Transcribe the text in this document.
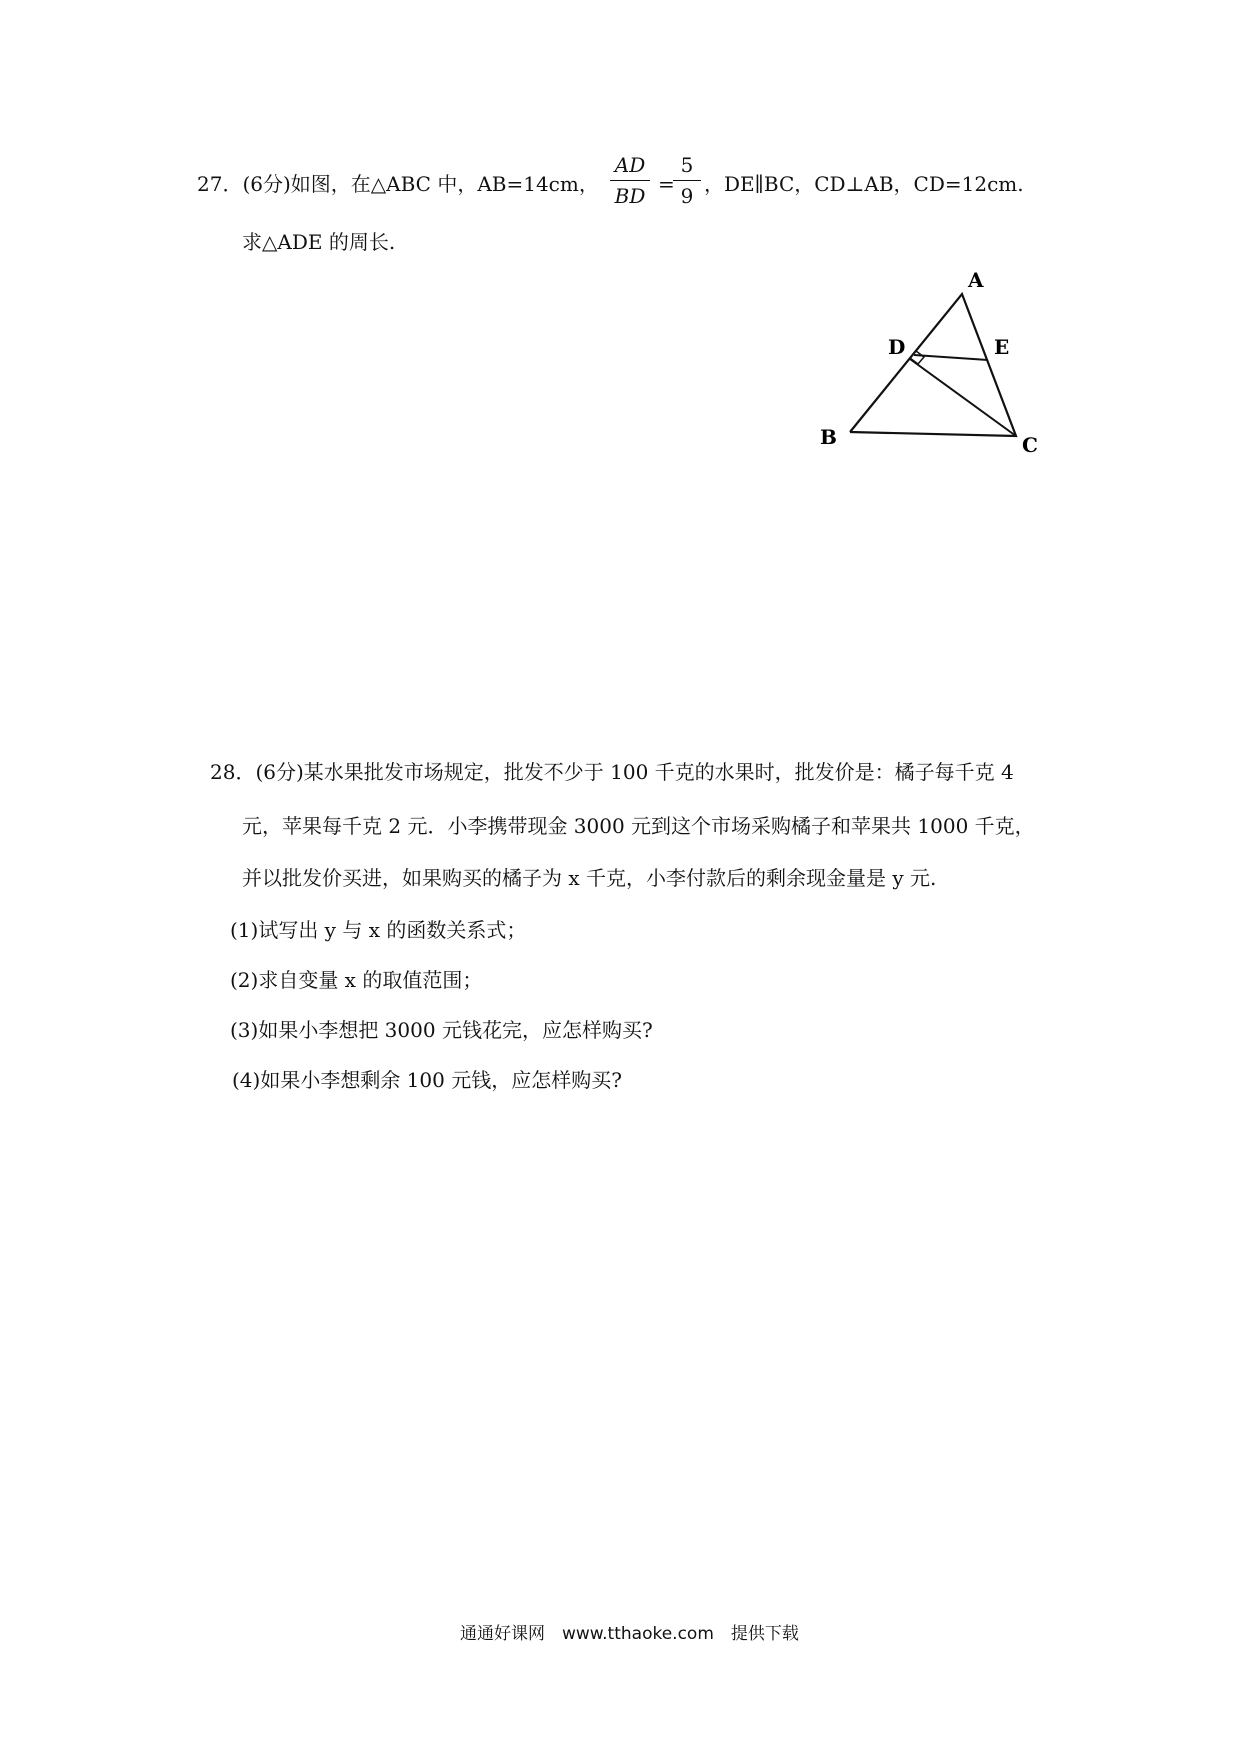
27．(6分)如图，在△ABC 中，AB=14cm，
AD
BD =
5
9 ，DE∥BC，CD⊥AB，CD=12cm.
求△ADE 的周长.
A
D	E
B	C
28．(6分)某水果批发市场规定，批发不少于 100 千克的水果时，批发价是：橘子每千克 4
元，苹果每千克 2 元．小李携带现金 3000 元到这个市场采购橘子和苹果共 1000 千克，
并以批发价买进，如果购买的橘子为 x 千克，小李付款后的剩余现金量是 y 元.
(1)试写出 y 与 x 的函数关系式；
(2)求自变量 x 的取值范围；
(3)如果小李想把 3000 元钱花完，应怎样购买?
(4)如果小李想剩余 100 元钱，应怎样购买?
通通好课网　www.tthaoke.com　提供下载
